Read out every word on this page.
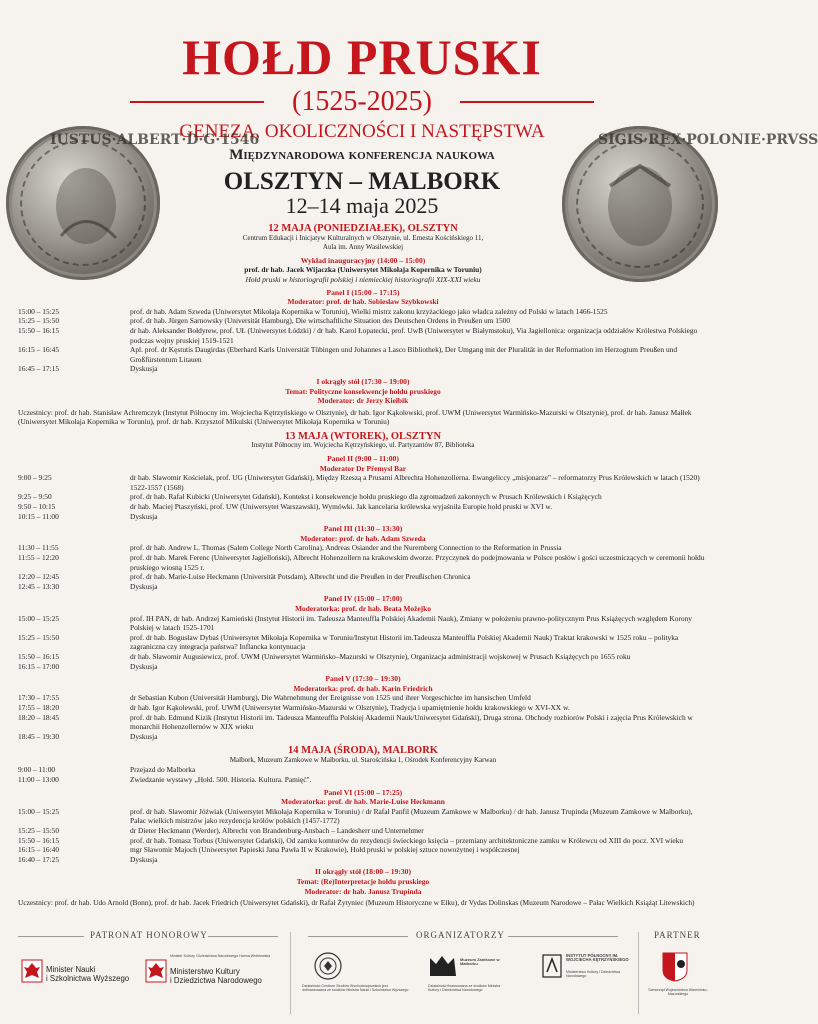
HOŁD PRUSKI
(1525-2025)
GENEZA, OKOLICZNOŚCI I NASTĘPSTWA
Międzynarodowa konferencja naukowa
OLSZTYN – MALBORK
12–14 maja 2025
IUSTUS·ALBERT·D·G·1546	SIGIS·REX·POLONIE·PRVSS
12 MAJA (PONIEDZIAŁEK), OLSZTYN
Centrum Edukacji i Inicjatyw Kulturalnych w Olsztynie, ul. Ernesta Kościńskiego 11,
Aula im. Anny Wasilewskiej
Wykład inauguracyjny (14:00 – 15:00)
prof. dr hab. Jacek Wijaczka (Uniwersytet Mikołaja Kopernika w Toruniu)
Hołd pruski w historiografii polskiej i niemieckiej historiografii XIX-XXI wieku
Panel I (15:00 – 17:15)
Moderator: prof. dr hab. Sobiesław Szybkowski
15:00 – 15:25	prof. dr hab. Adam Szweda (Uniwersytet Mikołaja Kopernika w Toruniu), Wielki mistrz zakonu krzyżackiego jako władca zależny od Polski w latach 1466-1525
15:25 – 15:50	prof. dr hab. Jürgen Sarnowsky (Universität Hamburg), Die wirtschaftliche Situation des Deutschen Ordens in Preußen um 1500
15:50 – 16:15	dr hab. Aleksander Bołdyrew, prof. UŁ (Uniwersytet Łódzki) / dr hab. Karol Łopatecki, prof. UwB (Uniwersytet w Białymstoku), Via Jagiellonica: organizacja oddziałów Królestwa Polskiego podczas wojny pruskiej 1519-1521
16:15 – 16:45	Apl. prof. dr Kęstutis Daugirdas (Eberhard Karls Universität Tübingen und Johannes a Lasco Bibliothek), Der Umgang mit der Pluralität in der Reformation im Herzogtum Preußen und Großfürstentum Litauen
16:45 – 17:15	Dyskusja
I okrągły stół (17:30 – 19:00)
Temat: Polityczne konsekwencje hołdu pruskiego
Moderator: dr Jerzy Kiełbik
Uczestnicy: prof. dr hab. Stanisław Achremczyk (Instytut Północny im. Wojciecha Kętrzyńskiego w Olsztynie), dr hab. Igor Kąkolewski, prof. UWM (Uniwersytet Warmińsko-Mazurski w Olsztynie), prof. dr hab. Janusz Małłek (Uniwersytet Mikołaja Kopernika w Toruniu), prof. dr hab. Krzysztof Mikulski (Uniwersytet Mikołaja Kopernika w Toruniu)
13 MAJA (WTOREK), OLSZTYN
Instytut Północny im. Wojciecha Kętrzyńskiego, ul. Partyzantów 87, Biblioteka
Panel II (9:00 – 11:00)
Moderator Dr Přemysl Bar
9:00 – 9:25	dr hab. Sławomir Kościelak, prof. UG (Uniwersytet Gdański), Między Rzeszą a Prusami Albrechta Hohenzollerna. Ewangeliccy „misjonarze" – reformatorzy Prus Królewskich w latach (1520) 1522-1557 (1568)
9:25 – 9:50	prof. dr hab. Rafał Kubicki (Uniwersytet Gdański), Kontekst i konsekwencje hołdu pruskiego dla zgromadzeń zakonnych w Prusach Królewskich i Książęcych
9:50 – 10:15	dr hab. Maciej Ptaszyński, prof. UW (Uniwersytet Warszawski), Wymówki. Jak kancelaria królewska wyjaśniła Europie hołd pruski w XVI w.
10:15 – 11:00	Dyskusja
Panel III (11:30 – 13:30)
Moderator: prof. dr hab. Adam Szweda
11:30 – 11:55	prof. dr hab. Andrew L. Thomas (Salem College North Carolina), Andreas Osiander and the Nuremberg Connection to the Reformation in Prussia
11:55 – 12:20	prof. dr hab. Marek Ferenc (Uniwersytet Jagielloński), Albrecht Hohenzollern na krakowskim dworze. Przyczynek do podejmowania w Polsce posłów i gości uczestniczących w ceremonii hołdu pruskiego wiosną 1525 r.
12:20 – 12:45	prof. dr hab. Marie-Luise Heckmann (Universität Potsdam), Albrecht und die Preußen in der Preußischen Chronica
12:45 – 13:30	Dyskusja
Panel IV (15:00 – 17:00)
Moderatorka: prof. dr hab. Beata Możejko
15:00 – 15:25	prof. IH PAN, dr hab. Andrzej Kamieński (Instytut Historii im. Tadeusza Manteuffla Polskiej Akademii Nauk), Zmiany w położeniu prawno-politycznym Prus Książęcych względem Korony Polskiej w latach 1525-1701
15:25 – 15:50	prof. dr hab. Bogusław Dybaś (Uniwersytet Mikołaja Kopernika w Toruniu/Instytut Historii im.Tadeusza Manteuffla Polskiej Akademii Nauk) Traktat krakowski w 1525 roku – polityka zagraniczna czy integracja państwa? Inflancka kontynuacja
15:50 – 16:15	dr hab. Sławomir Augusiewicz, prof. UWM (Uniwersytet Warmińsko–Mazurski w Olsztynie), Organizacja administracji wojskowej w Prusach Książęcych po 1655 roku
16:15 – 17:00	Dyskusja
Panel V (17:30 – 19:30)
Moderatorka: prof. dr hab. Karin Friedrich
17:30 – 17:55	dr Sebastian Kubon (Universität Hamburg), Die Wahrnehmung der Ereignisse von 1525 und ihrer Vorgeschichte im hansischen Umfeld
17:55 – 18:20	dr hab. Igor Kąkolewski, prof. UWM (Uniwersytet Warmińsko-Mazurski w Olsztynie), Tradycja i upamiętnienie hołdu krakowskiego w XVI-XX w.
18:20 – 18:45	prof. dr hab. Edmund Kizik (Instytut Historii im. Tadeusza Manteuffla Polskiej Akademii Nauk/Uniwersytet Gdański), Druga strona. Obchody rozbiorów Polski i zajęcia Prus Królewskich w monarchii Hohenzollernów w XIX wieku
18:45 – 19:30	Dyskusja
14 MAJA (ŚRODA), MALBORK
Malbork, Muzeum Zamkowe w Malborku, ul. Starościńska 1, Ośrodek Konferencyjny Karwan
9:00 – 11:00	Przejazd do Malborka
11:00 – 13:00	Zwiedzanie wystawy „Hołd. 500. Historia. Kultura. Pamięć".
Panel VI (15:00 – 17:25)
Moderatorka: prof. dr hab. Marie-Luise Heckmann
15:00 – 15:25	prof. dr hab. Sławomir Jóźwiak (Uniwersytet Mikołaja Kopernika w Toruniu) / dr Rafał Panfil (Muzeum Zamkowe w Malborku) / dr hab. Janusz Trupinda (Muzeum Zamkowe w Malborku), Pałac wielkich mistrzów jako rezydencja królów polskich (1457-1772)
15:25 – 15:50	dr Dieter Heckmann (Werder), Albrecht von Brandenburg-Ansbach – Landesherr und Unternehmer
15:50 – 16:15	prof. dr hab. Tomasz Torbus (Uniwersytet Gdański), Od zamku komturów do rezydencji świeckiego księcia – przemiany architektoniczne zamku w Królewcu od XIII do pocz. XVI wieku
16:15 – 16:40	mgr Sławomir Majoch (Uniwersytet Papieski Jana Pawła II w Krakowie), Hołd pruski w polskiej sztuce nowożytnej i współczesnej
16:40 – 17:25	Dyskusja
II okrągły stół (18:00 – 19:30)
Temat: (Re)Interpretacje hołdu pruskiego
Moderator: dr hab. Janusz Trupinda
Uczestnicy: prof. dr hab. Udo Arnold (Bonn), prof. dr hab. Jacek Friedrich (Uniwersytet Gdański), dr Rafał Żytyniec (Muzeum Historyczne w Ełku), dr Vydas Dolinskas (Muzeum Narodowe – Pałac Wielkich Książąt Litewskich)
PATRONAT HONOROWY	ORGANIZATORZY	PARTNER
Minister Nauki
i Szkolnictwa Wyższego
Minister Kultury i Dziedzictwa Narodowego Hanna Wróblewska
Ministerstwo Kultury
i Dziedzictwa Narodowego
Działalność Centrum Studiów Wschodniopruskich jest dofinansowana ze środków Ministra Nauki i Szkolnictwa Wyższego
Muzeum Zamkowe w Malborku
Działalność finansowana ze środków Ministra Kultury i Dziedzictwa Narodowego
INSTYTUT PÓŁNOCNY IM. WOJCIECHA KĘTRZYŃSKIEGO
Ministerstwo Kultury i Dziedzictwa Narodowego
Samorząd Województwa Warmińsko-Mazurskiego
